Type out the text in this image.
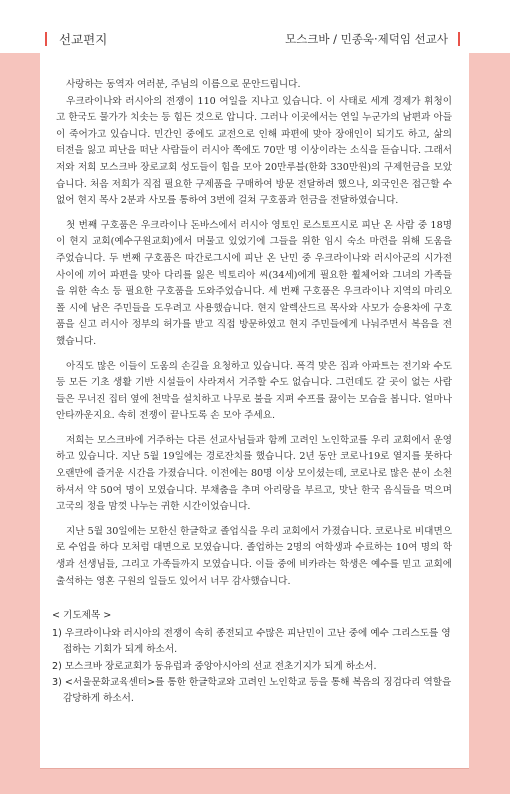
선교편지	모스크바 / 민종욱·제덕임 선교사

사랑하는 동역자 여러분, 주님의 이름으로 문안드립니다.

우크라이나와 러시아의 전쟁이 110 여일을 지나고 있습니다. 이 사태로 세계 경제가 휘청이고 한국도 물가가 치솟는 등 힘든 것으로 압니다. 그러나 이곳에서는 연일 누군가의 남편과 아들이 죽어가고 있습니다. 민간인 중에도 교전으로 인해 파편에 맞아 장애인이 되기도 하고, 삶의 터전을 잃고 피난을 떠난 사람들이 러시아 쪽에도 70만 명 이상이라는 소식을 듣습니다. 그래서 저와 저희 모스크바 장로교회 성도들이 힘을 모아 20만루블(한화 330만원)의 구제헌금을 모았습니다. 처음 저희가 직접 필요한 구제품을 구매하여 방문 전달하려 했으나, 외국인은 접근할 수 없어 현지 목사 2분과 사모를 통하여 3번에 걸쳐 구호품과 헌금을 전달하였습니다.

첫 번째 구호품은 우크라이나 돈바스에서 러시아 영토인 로스토프시로 피난 온 사람 중 18명이 현지 교회(예수구원교회)에서 머물고 있었기에 그들을 위한 임시 숙소 마련을 위해 도움을 주었습니다. 두 번째 구호품은 따간로그시에 피난 온 난민 중 우크라이나와 러시아군의 시가전 사이에 끼어 파편을 맞아 다리를 잃은 빅토리아 씨(34세)에게 필요한 휠체어와 그녀의 가족들을 위한 속소 등 필요한 구호품을 도와주었습니다. 세 번째 구호품은 우크라이나 지역의 마리오폴 시에 남은 주민들을 도우려고 사용했습니다. 현지 알렉산드르 목사와 사모가 승용차에 구호품을 싣고 러시아 정부의 허가를 받고 직접 방문하였고 현지 주민들에게 나눠주면서 복음을 전했습니다.

아직도 많은 이들이 도움의 손길을 요청하고 있습니다. 폭격 맞은 집과 아파트는 전기와 수도 등 모든 기초 생활 기반 시설들이 사라져서 거주할 수도 없습니다. 그런데도 갈 곳이 없는 사람들은 무너진 집터 옆에 천막을 설치하고 나무로 불을 지펴 수프를 끓이는 모습을 봅니다. 얼마나 안타까운지요. 속히 전쟁이 끝나도록 손 모아 주세요.

저희는 모스크바에 거주하는 다른 선교사님들과 함께 고려인 노인학교를 우리 교회에서 운영하고 있습니다. 지난 5월 19일에는 경로잔치를 했습니다. 2년 동안 코로나19로 열지를 못하다 오랜만에 즐거운 시간을 가졌습니다. 이전에는 80명 이상 모이셨는데, 코로나로 많은 분이 소천하셔서 약 50여 명이 모였습니다. 부채춤을 추며 아리랑을 부르고, 맛난 한국 음식들을 먹으며 고국의 정을 맘껏 나누는 귀한 시간이었습니다.

지난 5월 30일에는 모한신 한글학교 졸업식을 우리 교회에서 가졌습니다. 코로나로 비대면으로 수업을 하다 모처럼 대면으로 모였습니다. 졸업하는 2명의 여학생과 수료하는 10여 명의 학생과 선생님들, 그리고 가족들까지 모였습니다. 이들 중에 비카라는 학생은 예수를 믿고 교회에 출석하는 영혼 구원의 일들도 있어서 너무 감사했습니다.

< 기도제목 >
1) 우크라이나와 러시아의 전쟁이 속히 종전되고 수많은 피난민이 고난 중에 예수 그리스도를 영접하는 기회가 되게 하소서.
2) 모스크바 장로교회가 동유럽과 중앙아시아의 선교 전초기지가 되게 하소서.
3) <서울문화교육센터>를 통한 한글학교와 고려인 노인학교 등을 통해 복음의 징검다리 역할을 감당하게 하소서.
